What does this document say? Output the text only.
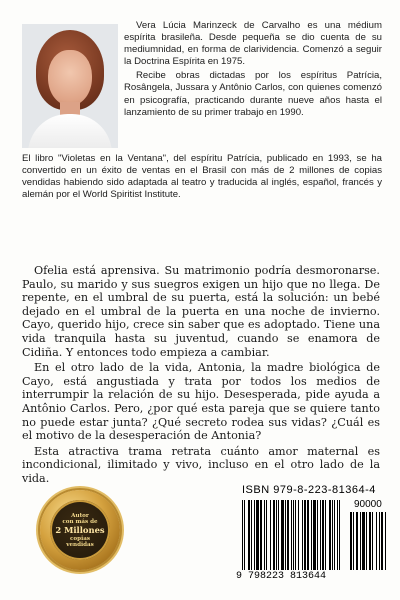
Vera Lúcia Marinzeck de Carvalho es una médium espírita brasileña. Desde pequeña se dio cuenta de su mediumnidad, en forma de clarividencia. Comenzó a seguir la Doctrina Espírita en 1975.

Recibe obras dictadas por los espíritus Patrícia, Rosângela, Jussara y Antônio Carlos, con quienes comenzó en psicografía, practicando durante nueve años hasta el lanzamiento de su primer trabajo en 1990.

El libro "Violetas en la Ventana", del espíritu Patrícia, publicado en 1993, se ha convertido en un éxito de ventas en el Brasil con más de 2 millones de copias vendidas habiendo sido adaptada al teatro y traducida al inglés, español, francés y alemán por el World Spiritist Institute.

Ofelia está aprensiva. Su matrimonio podría desmoronarse. Paulo, su marido y sus suegros exigen un hijo que no llega. De repente, en el umbral de su puerta, está la solución: un bebé dejado en el umbral de la puerta en una noche de invierno. Cayo, querido hijo, crece sin saber que es adoptado. Tiene una vida tranquila hasta su juventud, cuando se enamora de Cidiña. Y entonces todo empieza a cambiar.

En el otro lado de la vida, Antonia, la madre biológica de Cayo, está angustiada y trata por todos los medios de interrumpir la relación de su hijo. Desesperada, pide ayuda a Antônio Carlos. Pero, ¿por qué esta pareja que se quiere tanto no puede estar junta? ¿Qué secreto rodea sus vidas? ¿Cuál es el motivo de la desesperación de Antonia?

Esta atractiva trama retrata cuánto amor maternal es incondicional, ilimitado y vivo, incluso en el otro lado de la vida.

Autor
con más de
2 Millones
copias
vendidas
ISBN 979-8-223-81364-4
90000
9 798223 813644
